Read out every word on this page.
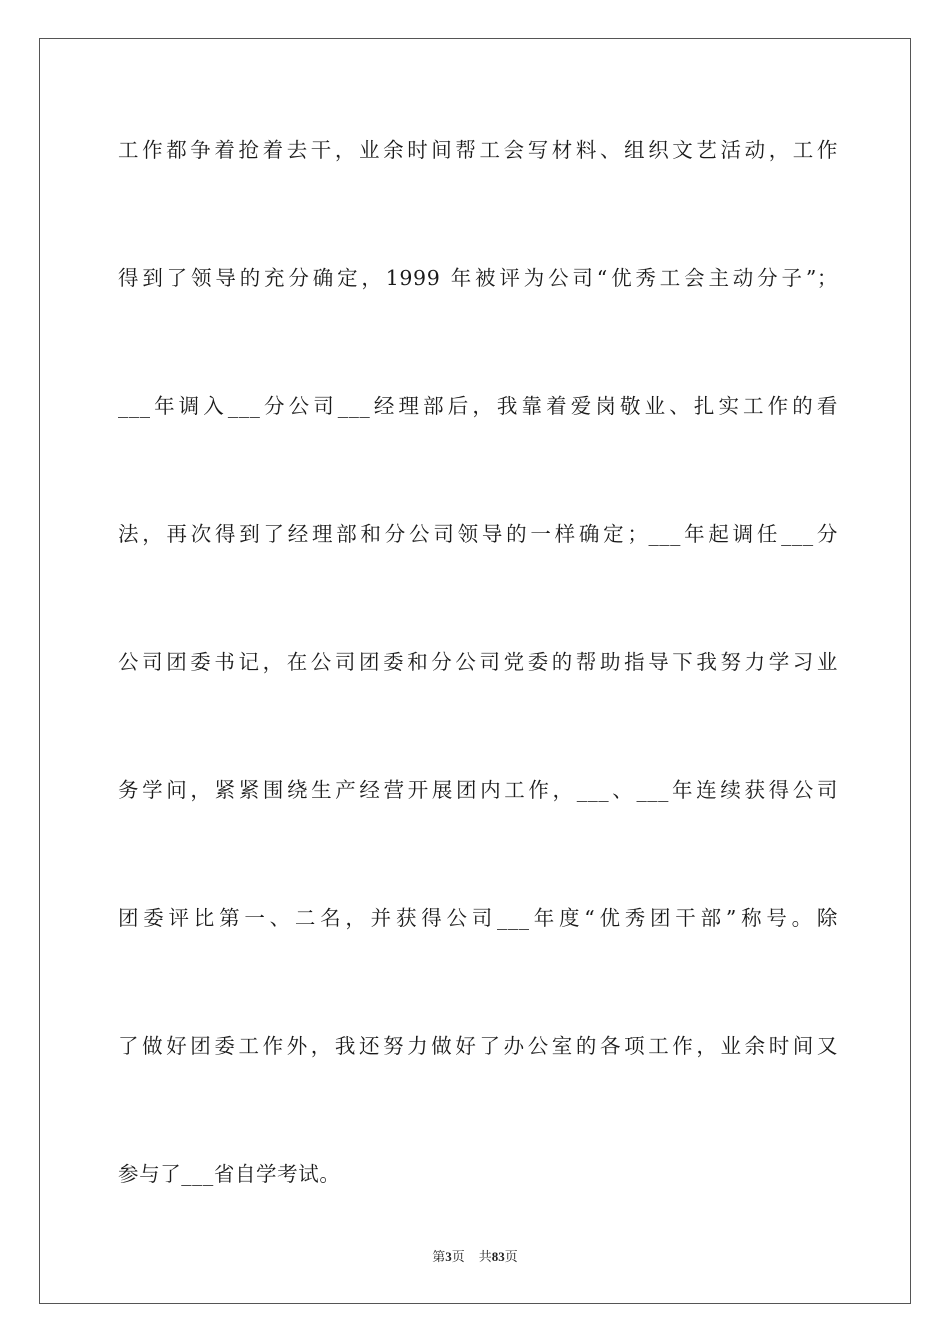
工作都争着抢着去干，业余时间帮工会写材料、组织文艺活动，工作
得到了领导的充分确定，1999 年被评为公司“优秀工会主动分子”；
___年调入___分公司___经理部后，我靠着爱岗敬业、扎实工作的看
法，再次得到了经理部和分公司领导的一样确定；___年起调任___分
公司团委书记，在公司团委和分公司党委的帮助指导下我努力学习业
务学问，紧紧围绕生产经营开展团内工作，___、___年连续获得公司
团委评比第一、二名，并获得公司___年度“优秀团干部”称号。除
了做好团委工作外，我还努力做好了办公室的各项工作，业余时间又
参与了___省自学考试。
第3页 共83页
